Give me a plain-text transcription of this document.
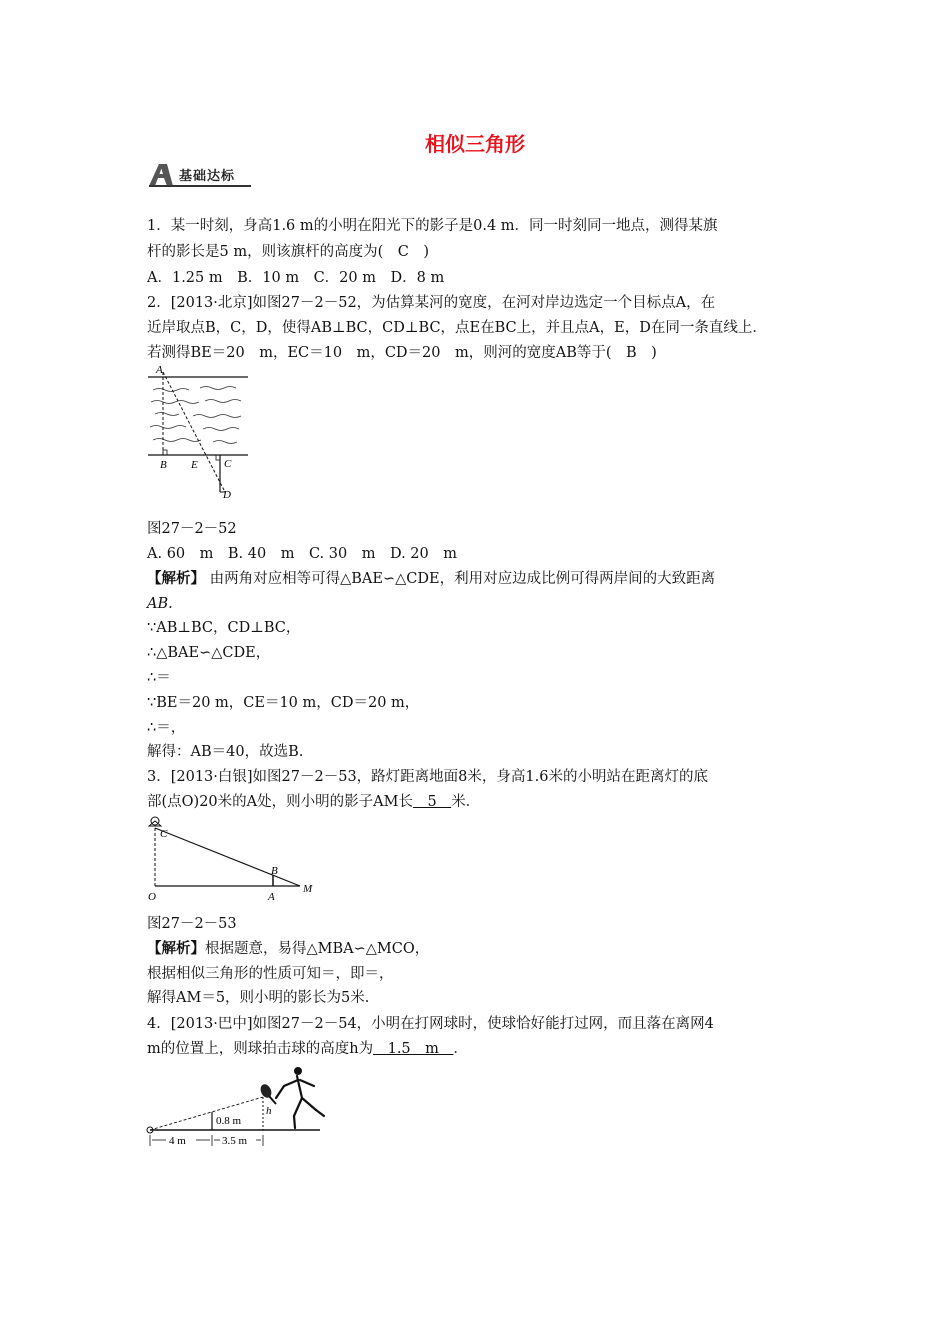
相似三角形
基础达标
1．某一时刻，身高1.6 m的小明在阳光下的影子是0.4 m．同一时刻同一地点，测得某旗
杆的影长是5 m，则该旗杆的高度为(　C　)
A．1.25 m　B．10 m　C．20 m　D．8 m
2．[2013·北京]如图27－2－52，为估算某河的宽度，在河对岸边选定一个目标点A，在
近岸取点B，C，D，使得AB⊥BC，CD⊥BC，点E在BC上，并且点A，E，D在同一条直线上．
若测得BE＝20　m，EC＝10　m，CD＝20　m，则河的宽度AB等于(　B　)
A
B E C
D
图27－2－52
A. 60　m　B. 40　m　C. 30　m　D. 20　m
【解析】 由两角对应相等可得△BAE∽△CDE，利用对应边成比例可得两岸间的大致距离
AB.
∵AB⊥BC，CD⊥BC，
∴△BAE∽△CDE，
∴＝
∵BE＝20 m，CE＝10 m，CD＝20 m，
∴＝，
解得：AB＝40，故选B.
3．[2013·白银]如图27－2－53，路灯距离地面8米，身高1.6米的小明站在距离灯的底
部(点O)20米的A处，则小明的影子AM长　5　米．
C
O
B
A
M
图27－2－53
【解析】根据题意，易得△MBA∽△MCO，
根据相似三角形的性质可知＝，即＝，
解得AM＝5，则小明的影长为5米.
4．[2013·巴中]如图27－2－54，小明在打网球时，使球恰好能打过网，而且落在离网4
m的位置上，则球拍击球的高度h为　1.5　m　．
0.8 m
h
4 m	3.5 m
